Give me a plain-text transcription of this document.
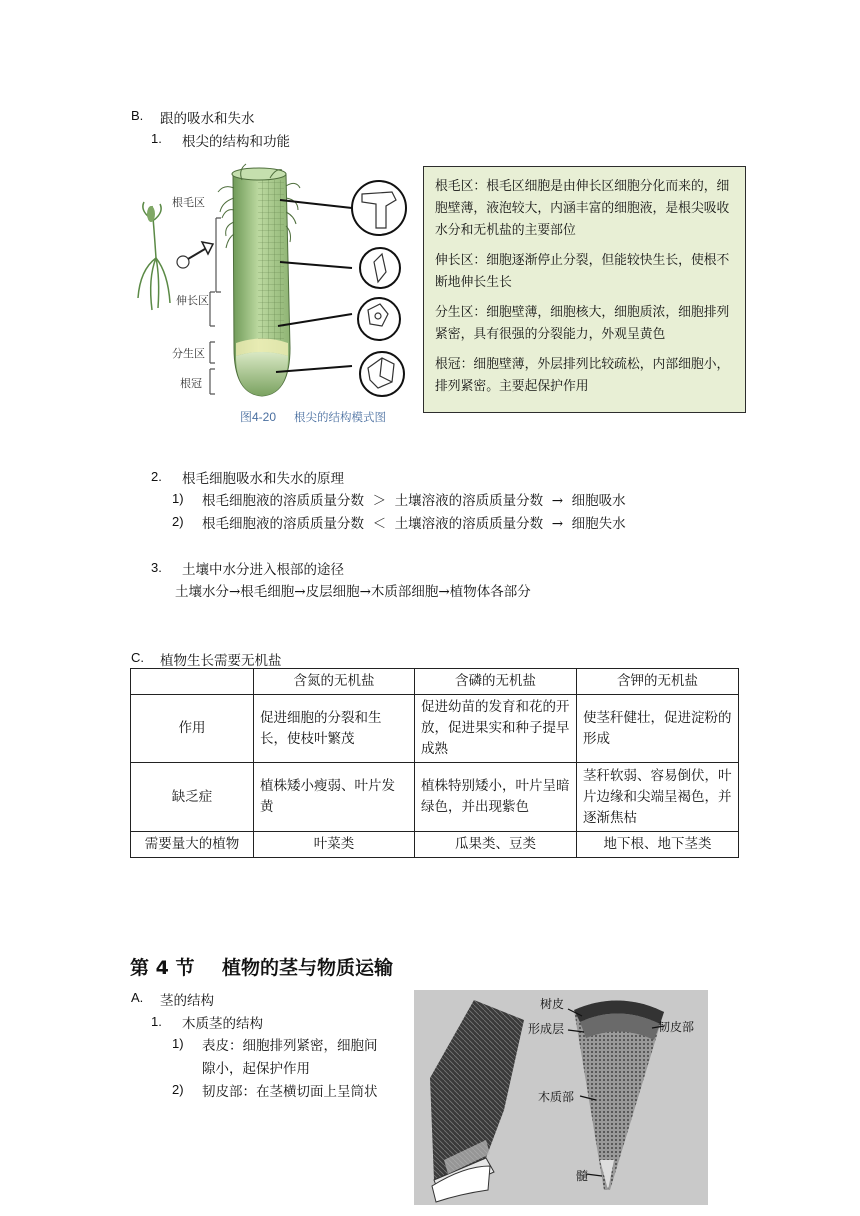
B. 跟的吸水和失水
1. 根尖的结构和功能
图4-20 根尖的结构模式图
根毛区
伸长区
分生区
根冠

根毛区：根毛区细胞是由伸长区细胞分化而来的，细胞壁薄，液泡较大，内涵丰富的细胞液，是根尖吸收水分和无机盐的主要部位

伸长区：细胞逐渐停止分裂，但能较快生长，使根不断地伸长生长

分生区：细胞壁薄，细胞核大，细胞质浓，细胞排列紧密，具有很强的分裂能力，外观呈黄色

根冠：细胞壁薄，外层排列比较疏松，内部细胞小，排列紧密。主要起保护作用

2. 根毛细胞吸水和失水的原理
1) 根毛细胞液的溶质质量分数  ＞  土壤溶液的溶质质量分数  →  细胞吸水
2) 根毛细胞液的溶质质量分数  ＜  土壤溶液的溶质质量分数  →  细胞失水
3. 土壤中水分进入根部的途径
土壤水分→根毛细胞→皮层细胞→木质部细胞→植物体各部分
C. 植物生长需要无机盐
	含氮的无机盐	含磷的无机盐	含钾的无机盐
作用	促进细胞的分裂和生长，使枝叶繁茂	促进幼苗的发育和花的开放，促进果实和种子提早成熟	使茎秆健壮，促进淀粉的形成
缺乏症	植株矮小瘦弱、叶片发黄	植株特别矮小，叶片呈暗绿色，并出现紫色	茎秆软弱、容易倒伏，叶片边缘和尖端呈褐色，并逐渐焦枯
需要量大的植物	叶菜类	瓜果类、豆类	地下根、地下茎类
第 4 节 植物的茎与物质运输
A. 茎的结构
1. 木质茎的结构
1) 表皮：细胞排列紧密，细胞间
隙小，起保护作用
2) 韧皮部：在茎横切面上呈筒状
树皮
形成层	韧皮部
木质部
髓
